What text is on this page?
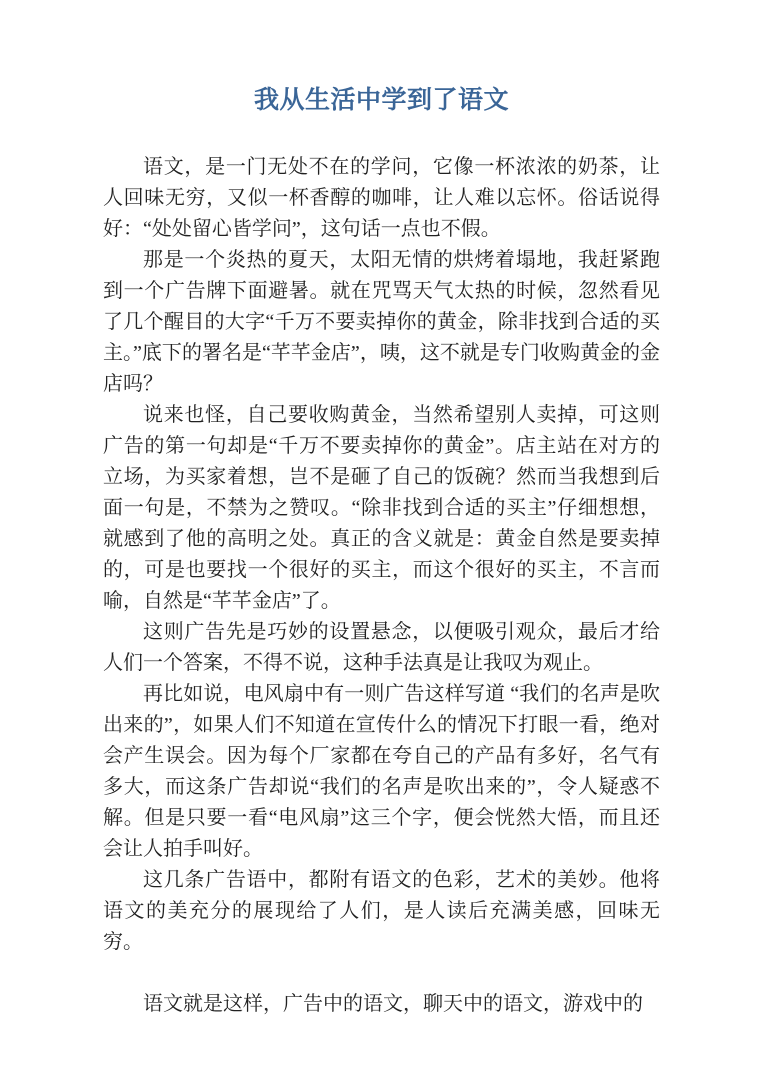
我从生活中学到了语文

语文，是一门无处不在的学问，它像一杯浓浓的奶茶，让人回味无穷，又似一杯香醇的咖啡，让人难以忘怀。俗话说得好：“处处留心皆学问”，这句话一点也不假。

那是一个炎热的夏天，太阳无情的烘烤着塌地，我赶紧跑到一个广告牌下面避暑。就在咒骂天气太热的时候，忽然看见了几个醒目的大字“千万不要卖掉你的黄金，除非找到合适的买主。”底下的署名是“芊芊金店”，咦，这不就是专门收购黄金的金店吗？

说来也怪，自己要收购黄金，当然希望别人卖掉，可这则广告的第一句却是“千万不要卖掉你的黄金”。店主站在对方的立场，为买家着想，岂不是砸了自己的饭碗？然而当我想到后面一句是，不禁为之赞叹。“除非找到合适的买主”仔细想想，就感到了他的高明之处。真正的含义就是：黄金自然是要卖掉的，可是也要找一个很好的买主，而这个很好的买主，不言而喻，自然是“芊芊金店”了。

这则广告先是巧妙的设置悬念，以便吸引观众，最后才给人们一个答案，不得不说，这种手法真是让我叹为观止。

再比如说，电风扇中有一则广告这样写道 “我们的名声是吹出来的”，如果人们不知道在宣传什么的情况下打眼一看，绝对会产生误会。因为每个厂家都在夸自己的产品有多好，名气有多大，而这条广告却说“我们的名声是吹出来的”，令人疑惑不解。但是只要一看“电风扇”这三个字，便会恍然大悟，而且还会让人拍手叫好。

这几条广告语中，都附有语文的色彩，艺术的美妙。他将语文的美充分的展现给了人们，是人读后充满美感，回味无穷。

语文就是这样，广告中的语文，聊天中的语文，游戏中的
